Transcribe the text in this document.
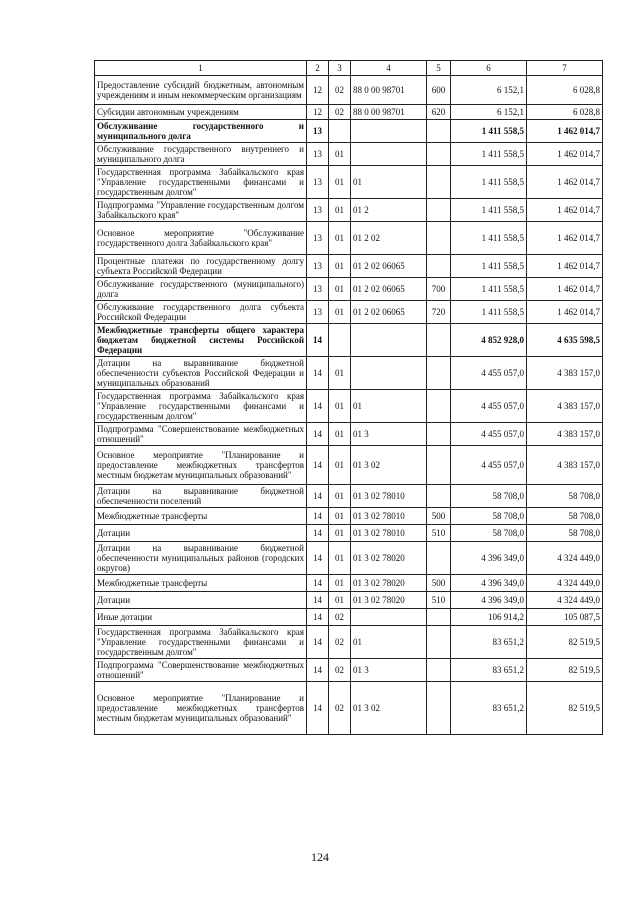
1	2	3	4	5	6	7
Предоставление субсидий бюджетным, автономным учреждениям и иным некоммерческим организациям	12	02	88 0 00 98701	600	6 152,1	6 028,8
Субсидии автономным учреждениям	12	02	88 0 00 98701	620	6 152,1	6 028,8
Обслуживание государственного и муниципального долга	13				1 411 558,5	1 462 014,7
Обслуживание государственного внутреннего и муниципального долга	13	01			1 411 558,5	1 462 014,7
Государственная программа Забайкальского края "Управление государственными финансами и государственным долгом"	13	01	01		1 411 558,5	1 462 014,7
Подпрограмма "Управление государственным долгом Забайкальского края"	13	01	01 2		1 411 558,5	1 462 014,7
Основное мероприятие "Обслуживание государственного долга Забайкальского края"	13	01	01 2 02		1 411 558,5	1 462 014,7
Процентные платежи по государственному долгу субъекта Российской Федерации	13	01	01 2 02 06065		1 411 558,5	1 462 014,7
Обслуживание государственного (муниципального) долга	13	01	01 2 02 06065	700	1 411 558,5	1 462 014,7
Обслуживание государственного долга субъекта Российской Федерации	13	01	01 2 02 06065	720	1 411 558,5	1 462 014,7
Межбюджетные трансферты общего характера бюджетам бюджетной системы Российской Федерации	14				4 852 928,0	4 635 598,5
Дотации на выравнивание бюджетной обеспеченности субъектов Российской Федерации и муниципальных образований	14	01			4 455 057,0	4 383 157,0
Государственная программа Забайкальского края "Управление государственными финансами и государственным долгом"	14	01	01		4 455 057,0	4 383 157,0
Подпрограмма "Совершенствование межбюджетных отношений"	14	01	01 3		4 455 057,0	4 383 157,0
Основное мероприятие "Планирование и предоставление межбюджетных трансфертов местным бюджетам муниципальных образований"	14	01	01 3 02		4 455 057,0	4 383 157,0
Дотации на выравнивание бюджетной обеспеченности поселений	14	01	01 3 02 78010		58 708,0	58 708,0
Межбюджетные трансферты	14	01	01 3 02 78010	500	58 708,0	58 708,0
Дотации	14	01	01 3 02 78010	510	58 708,0	58 708,0
Дотации на выравнивание бюджетной обеспеченности муниципальных районов (городских округов)	14	01	01 3 02 78020		4 396 349,0	4 324 449,0
Межбюджетные трансферты	14	01	01 3 02 78020	500	4 396 349,0	4 324 449,0
Дотации	14	01	01 3 02 78020	510	4 396 349,0	4 324 449,0
Иные дотации	14	02			106 914,2	105 087,5
Государственная программа Забайкальского края "Управление государственными финансами и государственным долгом"	14	02	01		83 651,2	82 519,5
Подпрограмма "Совершенствование межбюджетных отношений"	14	02	01 3		83 651,2	82 519,5
Основное мероприятие "Планирование и предоставление межбюджетных трансфертов местным бюджетам муниципальных образований"	14	02	01 3 02		83 651,2	82 519,5
124
